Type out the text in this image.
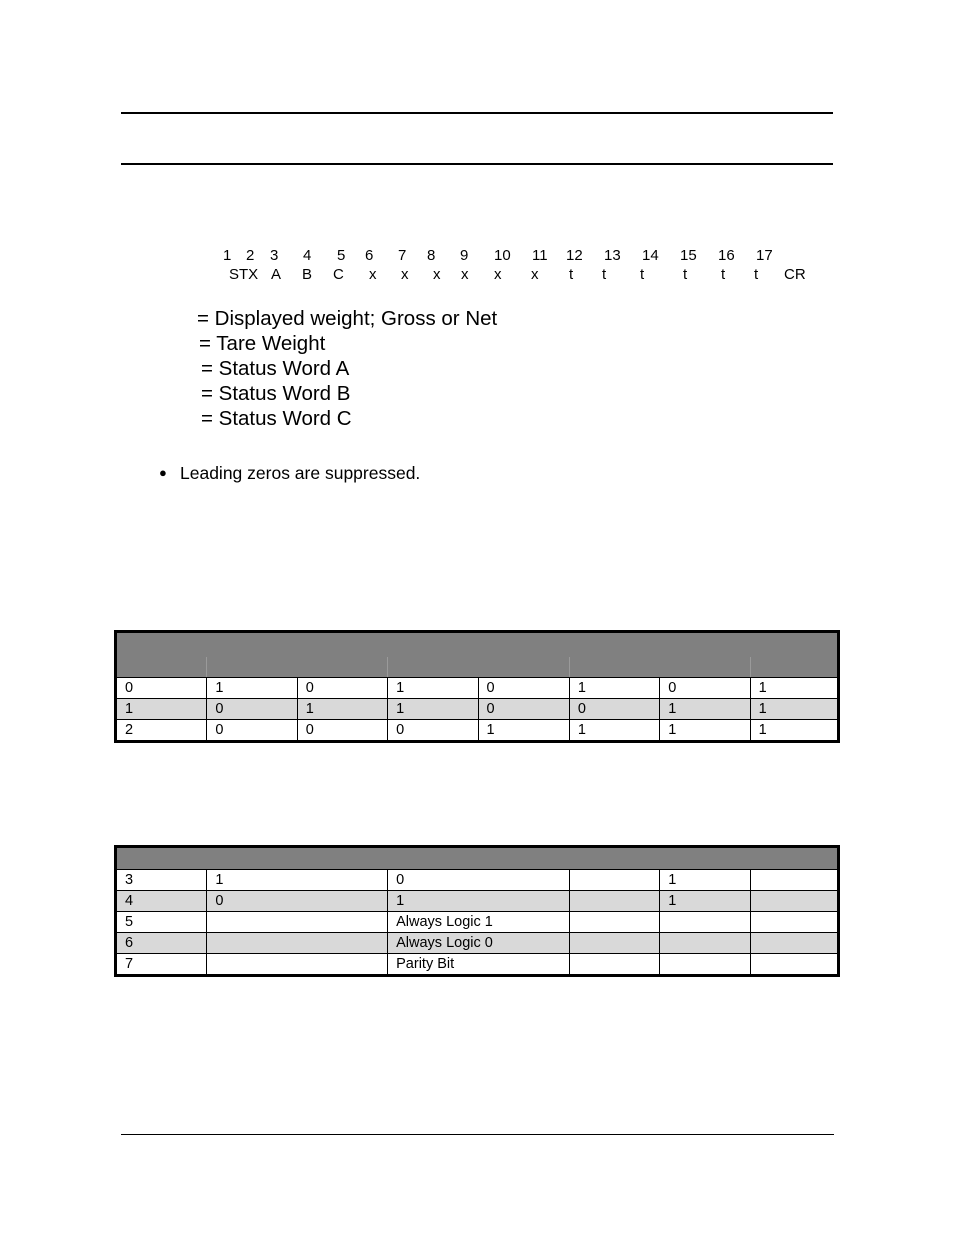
1 2 3 4 5 6 7 8 9 10 11 12 13 14 15 16 17
STX A B C x x x x x x t t t	t t t CR
= Displayed weight; Gross or Net
= Tare Weight
= Status Word A
= Status Word B
= Status Word C
● Leading zeros are suppressed.

0	1	0	1	0	1	0	1
1	0	1	1	0	0	1	1
2	0	0	0	1	1	1	1

3	1	0		1	
4	0	1		1	
5		Always Logic 1			
6		Always Logic 0			
7		Parity Bit			
